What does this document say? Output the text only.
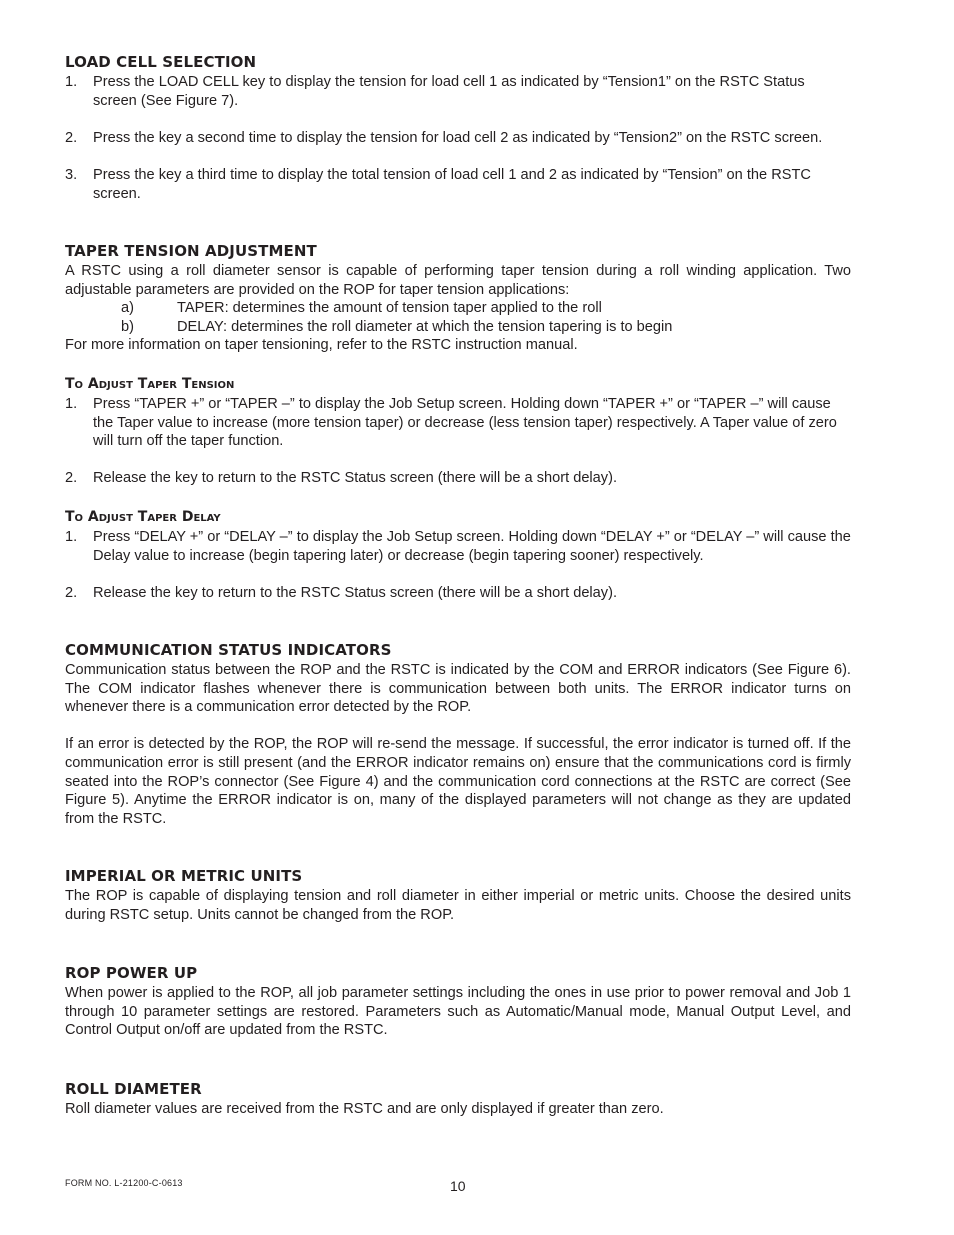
LOAD CELL SELECTION
1. Press the LOAD CELL key to display the tension for load cell 1 as indicated by “Tension1” on the RSTC Status screen (See Figure 7).
2. Press the key a second time to display the tension for load cell 2 as indicated by “Tension2” on the RSTC screen.
3. Press the key a third time to display the total tension of load cell 1 and 2 as indicated by “Tension” on the RSTC screen.
TAPER TENSION ADJUSTMENT
A RSTC using a roll diameter sensor is capable of performing taper tension during a roll winding application. Two adjustable parameters are provided on the ROP for taper tension applications:
a)	TAPER: determines the amount of tension taper applied to the roll
b)	DELAY: determines the roll diameter at which the tension tapering is to begin
For more information on taper tensioning, refer to the RSTC instruction manual.
To Adjust Taper Tension
1. Press “TAPER +” or “TAPER –” to display the Job Setup screen. Holding down “TAPER +” or “TAPER –” will cause the Taper value to increase (more tension taper) or decrease (less tension taper) respectively. A Taper value of zero will turn off the taper function.
2. Release the key to return to the RSTC Status screen (there will be a short delay).
To Adjust Taper Delay
1. Press “DELAY +” or “DELAY –” to display the Job Setup screen. Holding down “DELAY +” or “DELAY –” will cause the Delay value to increase (begin tapering later) or decrease (begin tapering sooner) respectively.
2. Release the key to return to the RSTC Status screen (there will be a short delay).
COMMUNICATION STATUS INDICATORS
Communication status between the ROP and the RSTC is indicated by the COM and ERROR indicators (See Figure 6). The COM indicator flashes whenever there is communication between both units. The ERROR indicator turns on whenever there is a communication error detected by the ROP.
If an error is detected by the ROP, the ROP will re-send the message. If successful, the error indicator is turned off. If the communication error is still present (and the ERROR indicator remains on) ensure that the communications cord is firmly seated into the ROP’s connector (See Figure 4) and the communication cord connections at the RSTC are correct (See Figure 5). Anytime the ERROR indicator is on, many of the displayed parameters will not change as they are updated from the RSTC.
IMPERIAL OR METRIC UNITS
The ROP is capable of displaying tension and roll diameter in either imperial or metric units. Choose the desired units during RSTC setup. Units cannot be changed from the ROP.
ROP POWER UP
When power is applied to the ROP, all job parameter settings including the ones in use prior to power removal and Job 1 through 10 parameter settings are restored. Parameters such as Automatic/Manual mode, Manual Output Level, and Control Output on/off are updated from the RSTC.
ROLL DIAMETER
Roll diameter values are received from the RSTC and are only displayed if greater than zero.
FORM NO. L-21200-C-0613	10
